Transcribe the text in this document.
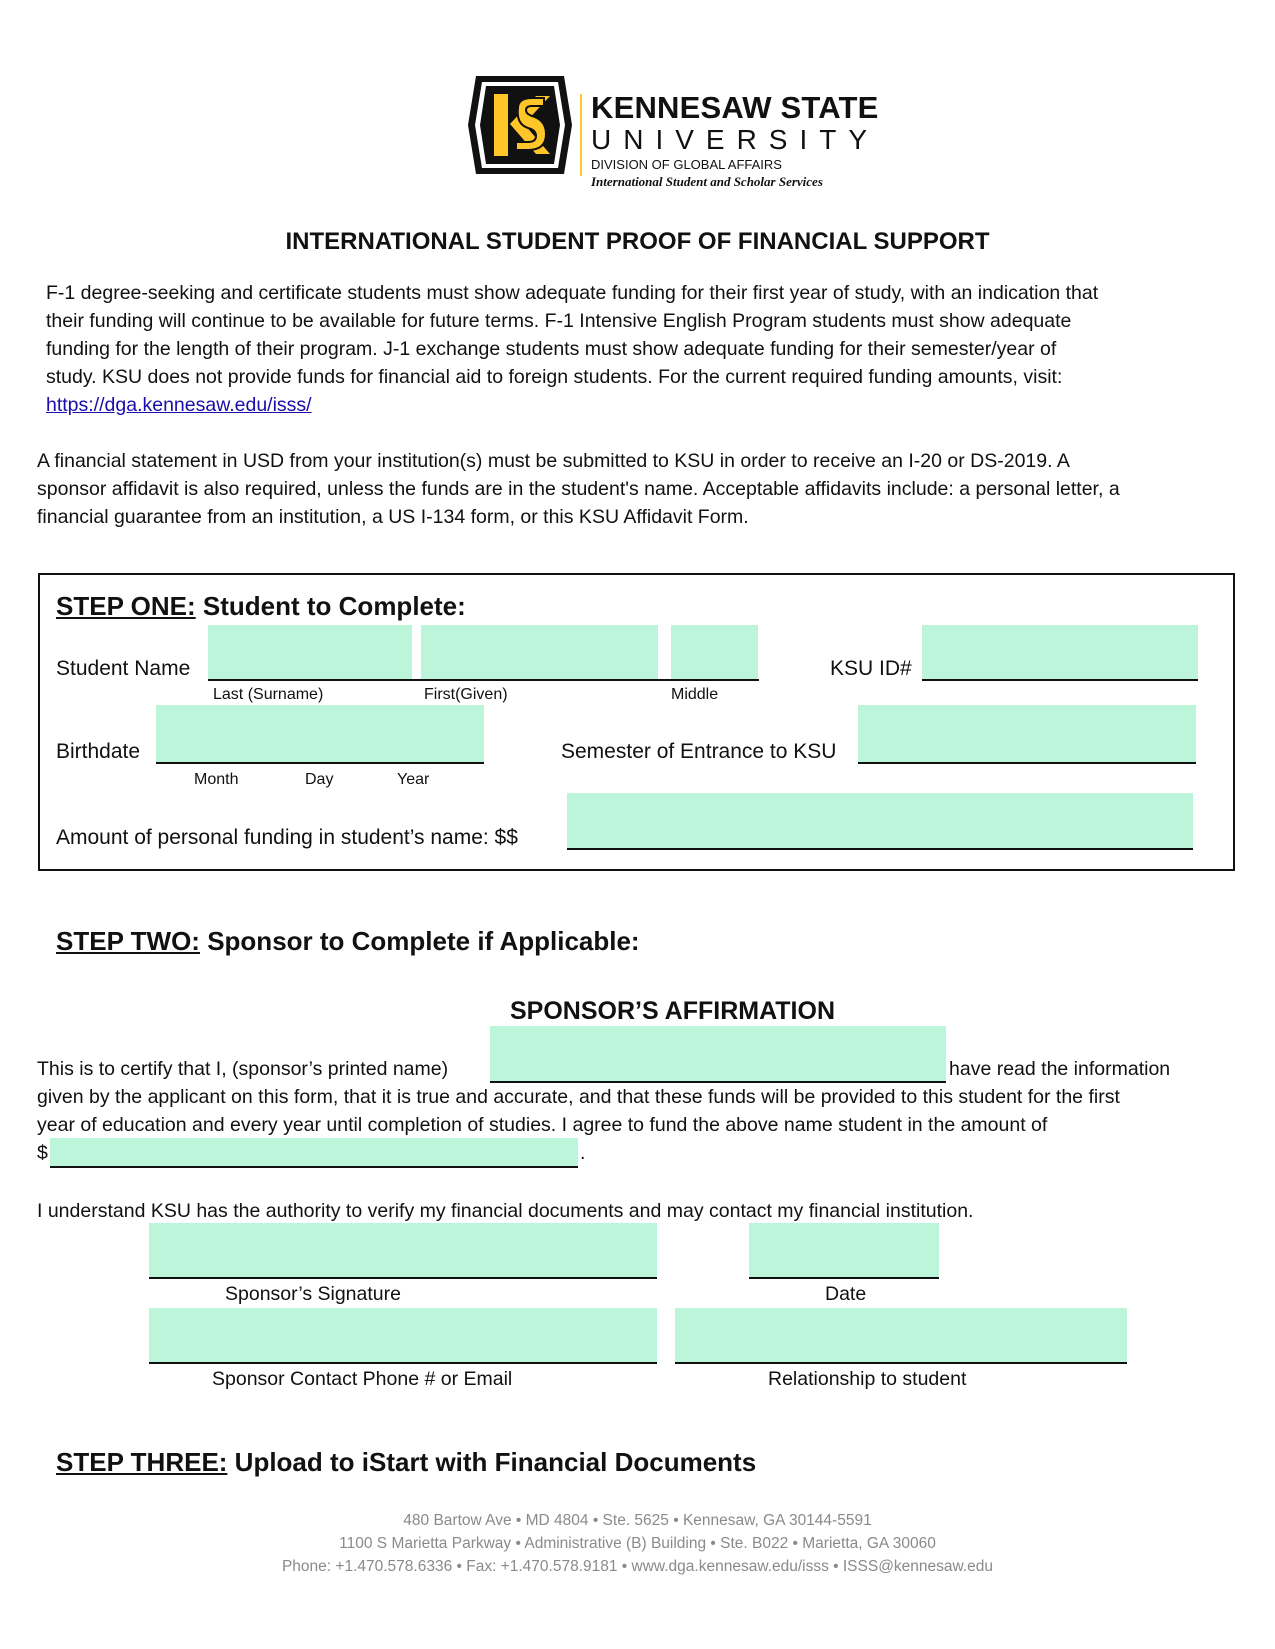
KENNESAW STATE
UNIVERSITY
DIVISION OF GLOBAL AFFAIRS
International Student and Scholar Services
INTERNATIONAL STUDENT PROOF OF FINANCIAL SUPPORT
F-1 degree-seeking and certificate students must show adequate funding for their first year of study, with an indication that
their funding will continue to be available for future terms. F-1 Intensive English Program students must show adequate
funding for the length of their program. J-1 exchange students must show adequate funding for their semester/year of
study. KSU does not provide funds for financial aid to foreign students. For the current required funding amounts, visit:
https://dga.kennesaw.edu/isss/
A financial statement in USD from your institution(s) must be submitted to KSU in order to receive an I-20 or DS-2019. A
sponsor affidavit is also required, unless the funds are in the student's name. Acceptable affidavits include: a personal letter, a
financial guarantee from an institution, a US I-134 form, or this KSU Affidavit Form.
STEP ONE: Student to Complete:
Student Name
Last (Surname)	First(Given)	Middle
KSU ID#
Birthdate
Month	Day	Year
Semester of Entrance to KSU
Amount of personal funding in student’s name: $$
STEP TWO: Sponsor to Complete if Applicable:
SPONSOR’S AFFIRMATION
This is to certify that I, (sponsor’s printed name)	have read the information
given by the applicant on this form, that it is true and accurate, and that these funds will be provided to this student for the first
year of education and every year until completion of studies. I agree to fund the above name student in the amount of
$	.
I understand KSU has the authority to verify my financial documents and may contact my financial institution.
Sponsor’s Signature	Date
Sponsor Contact Phone # or Email	Relationship to student
STEP THREE: Upload to iStart with Financial Documents
480 Bartow Ave • MD 4804 • Ste. 5625 • Kennesaw, GA 30144-5591
1100 S Marietta Parkway • Administrative (B) Building • Ste. B022 • Marietta, GA 30060
Phone: +1.470.578.6336 • Fax: +1.470.578.9181 • www.dga.kennesaw.edu/isss • ISSS@kennesaw.edu
